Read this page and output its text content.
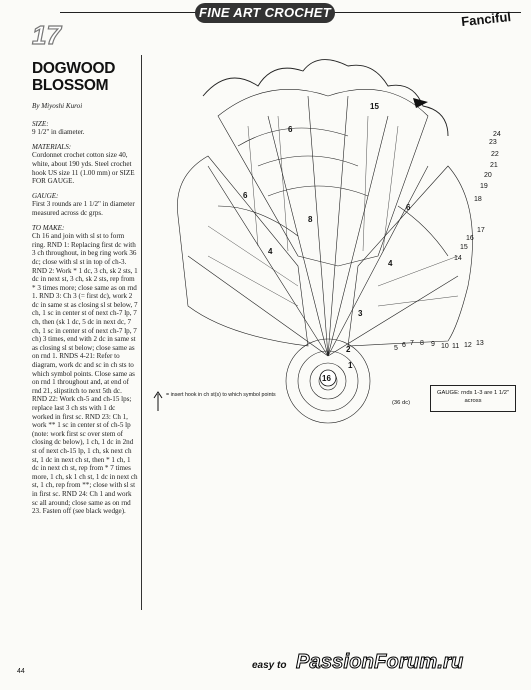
FINE ART CROCHET	Fanciful
17
DOGWOOD
BLOSSOM
By Miyoshi Kuroi
SIZE:

9 1/2" in diameter.

MATERIALS:

Cordonnet crochet cotton size 40, white, about 190 yds. Steel crochet hook US size 11 (1.00 mm) or SIZE FOR GAUGE.

GAUGE:

First 3 rounds are 1 1/2" in diameter measured across dc grps.

TO MAKE:

Ch 16 and join with sl st to form ring. RND 1: Replacing first dc with 3 ch throughout, in beg ring work 36 dc; close with sl st in top of ch-3. RND 2: Work * 1 dc, 3 ch, sk 2 sts, 1 dc in next st, 3 ch, sk 2 sts, rep from * 3 times more; close same as on rnd 1. RND 3: Ch 3 (= first dc), work 2 dc in same st as closing sl st below, 7 ch, 1 sc in center st of next ch-7 lp, 7 ch, then (sk 1 dc, 5 dc in next dc, 7 ch, 1 sc in center st of next ch-7 lp, 7 ch) 3 times, end with 2 dc in same st as closing sl st below; close same as on rnd 1. RNDS 4-21: Refer to diagram, work dc and sc in ch sts to which symbol points. Close same as on rnd 1 throughout and, at end of rnd 21, slipstitch to next 5th dc. RND 22: Work ch-5 and ch-15 lps; replace last 3 ch sts with 1 dc worked in first sc. RND 23: Ch 1, work ** 1 sc in center st of ch-5 lp (note: work first sc over stem of closing dc below), 1 ch, 1 dc in 2nd st of next ch-15 lp, 1 ch, sk next ch st, 1 dc in next ch st, then * 1 ch, 1 dc in next ch st, rep from * 7 times more, 1 ch, sk 1 ch st, 1 dc in next ch st, 1 ch, rep from **; close with sl st in first sc. RND 24: Ch 1 and work sc all around; close same as on rnd 23. Fasten off (see black wedge).

15
8
6
6
6
4
4
3
2
1
16
24
23
22
21
20
19
18
17
16
15
14
5 6 7 8 9 10 11 12 13
= insert hook in ch st(s) to which symbol points
(36 dc)
GAUGE: rnds 1-3 are 1 1/2" across
44
easy to PassionForum.ru
